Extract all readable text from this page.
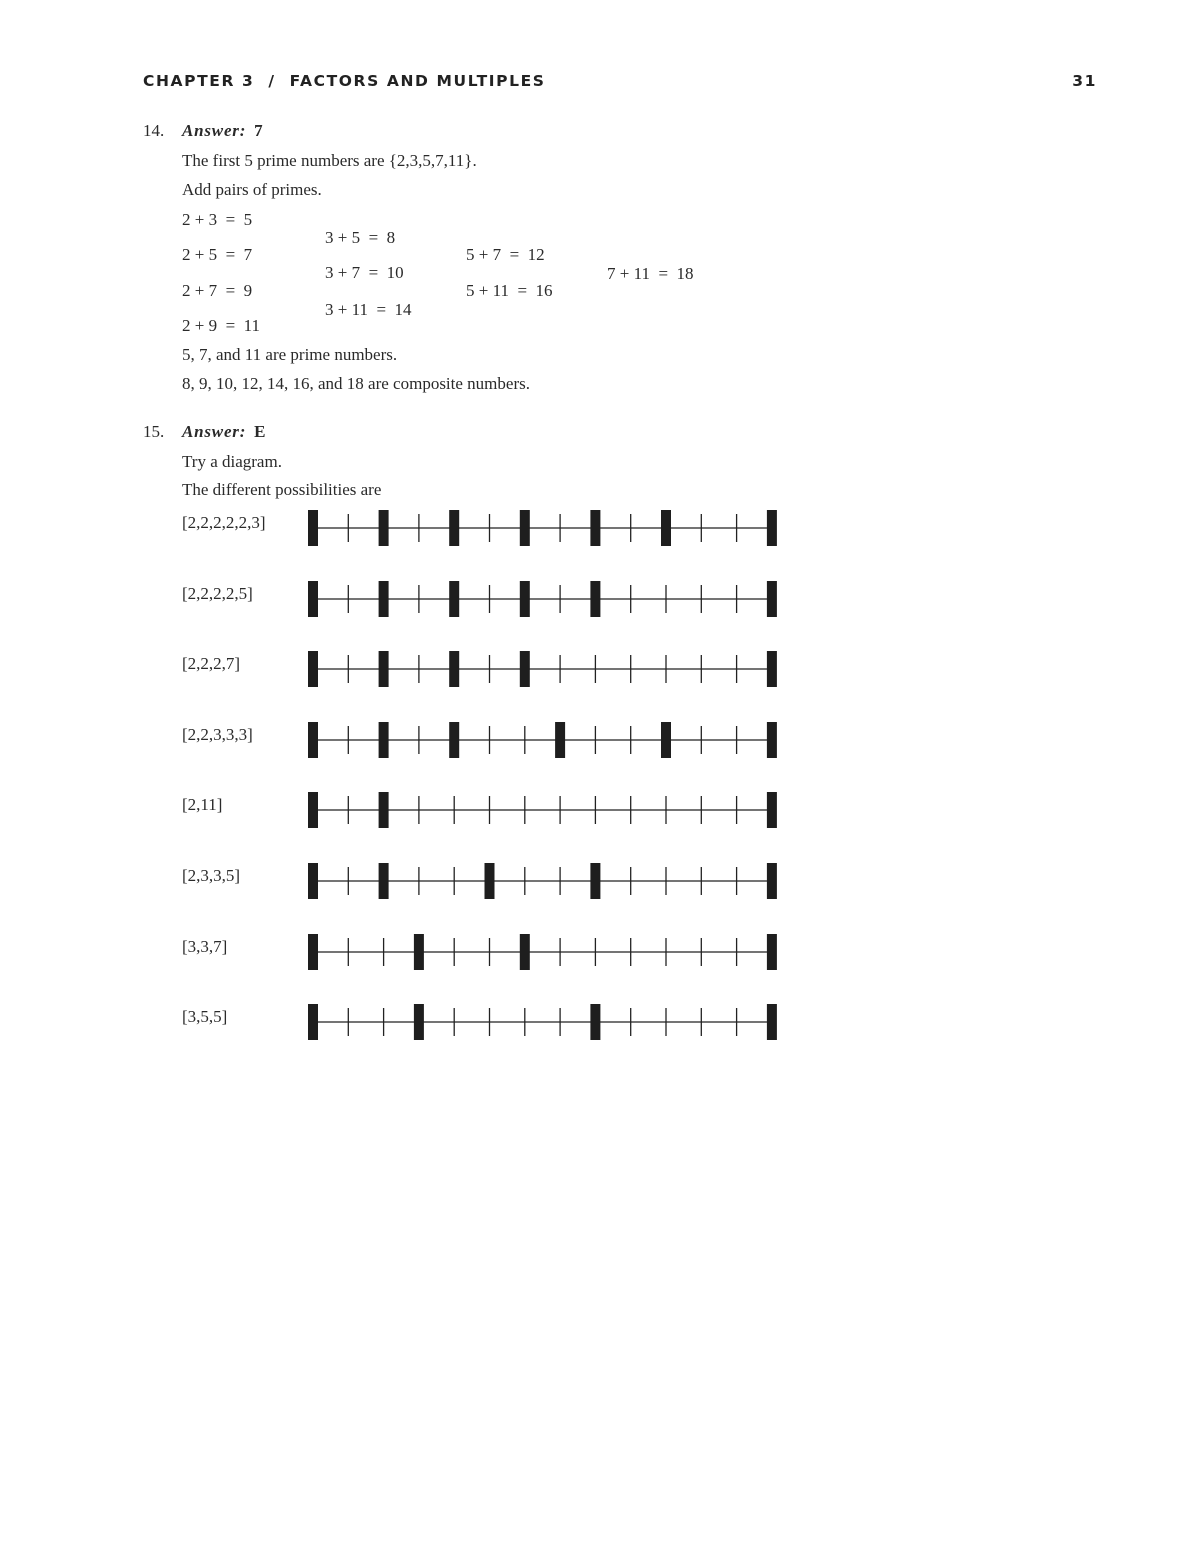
CHAPTER 3  /  FACTORS AND MULTIPLES	31
14. Answer: 7
The first 5 prime numbers are {2,3,5,7,11}.
Add pairs of primes.
2 + 3  =  5
2 + 5  =  7
2 + 7  =  9
2 + 9  =  11
3 + 5  =  8
3 + 7  =  10
3 + 11  =  14
5 + 7  =  12
5 + 11  =  16
7 + 11  =  18
5, 7, and 11 are prime numbers.
8, 9, 10, 12, 14, 16, and 18 are composite numbers.
15. Answer: E
Try a diagram.
The different possibilities are
[2,2,2,2,2,3]
[2,2,2,2,5]
[2,2,2,7]
[2,2,3,3,3]
[2,11]
[2,3,3,5]
[3,3,7]
[3,5,5]
